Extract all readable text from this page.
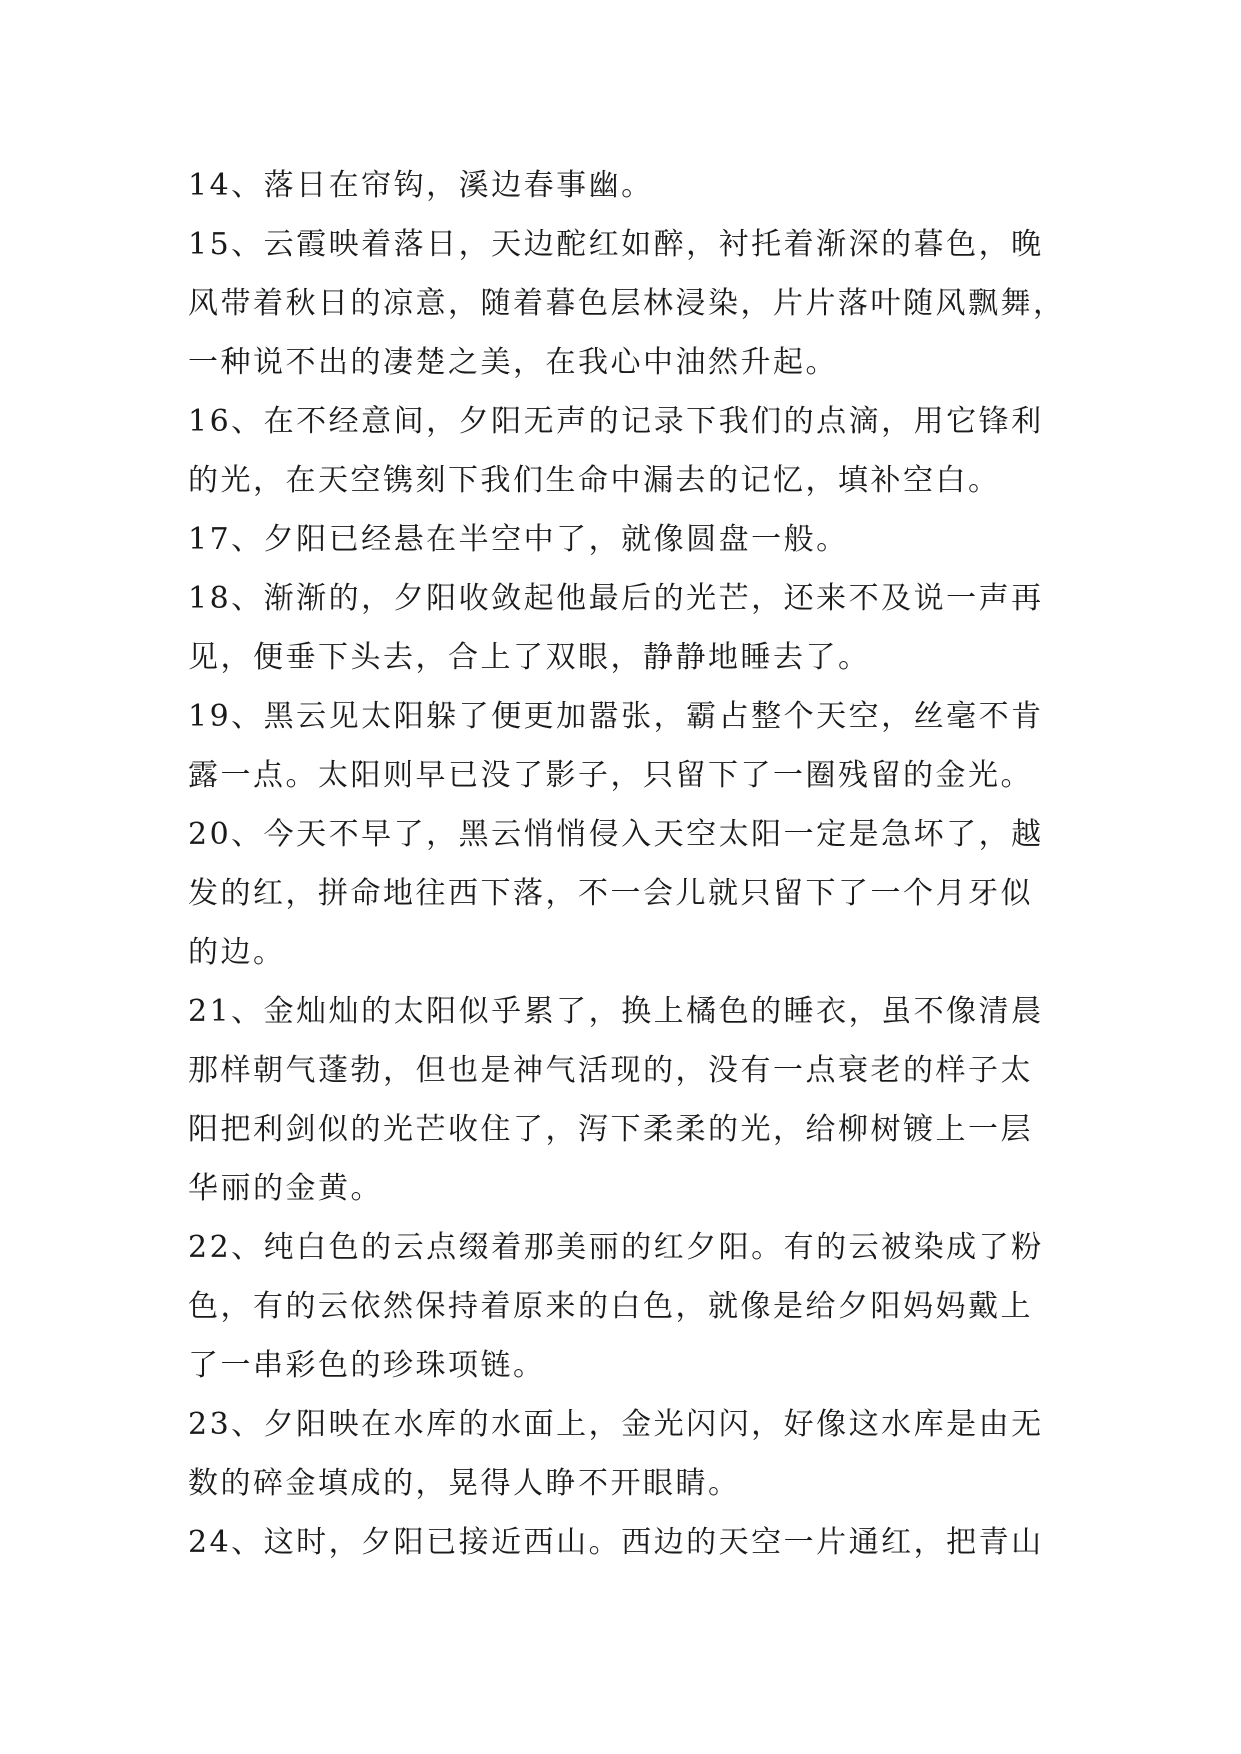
14、落日在帘钩，溪边春事幽。
15、云霞映着落日，天边酡红如醉，衬托着渐深的暮色，晚
风带着秋日的凉意，随着暮色层林浸染，片片落叶随风飘舞，
一种说不出的凄楚之美，在我心中油然升起。
16、在不经意间，夕阳无声的记录下我们的点滴，用它锋利
的光，在天空镌刻下我们生命中漏去的记忆，填补空白。
17、夕阳已经悬在半空中了，就像圆盘一般。
18、渐渐的，夕阳收敛起他最后的光芒，还来不及说一声再
见，便垂下头去，合上了双眼，静静地睡去了。
19、黑云见太阳躲了便更加嚣张，霸占整个天空，丝毫不肯
露一点。太阳则早已没了影子，只留下了一圈残留的金光。
20、今天不早了，黑云悄悄侵入天空太阳一定是急坏了，越
发的红，拼命地往西下落，不一会儿就只留下了一个月牙似
的边。
21、金灿灿的太阳似乎累了，换上橘色的睡衣，虽不像清晨
那样朝气蓬勃，但也是神气活现的，没有一点衰老的样子太
阳把利剑似的光芒收住了，泻下柔柔的光，给柳树镀上一层
华丽的金黄。
22、纯白色的云点缀着那美丽的红夕阳。有的云被染成了粉
色，有的云依然保持着原来的白色，就像是给夕阳妈妈戴上
了一串彩色的珍珠项链。
23、夕阳映在水库的水面上，金光闪闪，好像这水库是由无
数的碎金填成的，晃得人睁不开眼睛。
24、这时，夕阳已接近西山。西边的天空一片通红，把青山
